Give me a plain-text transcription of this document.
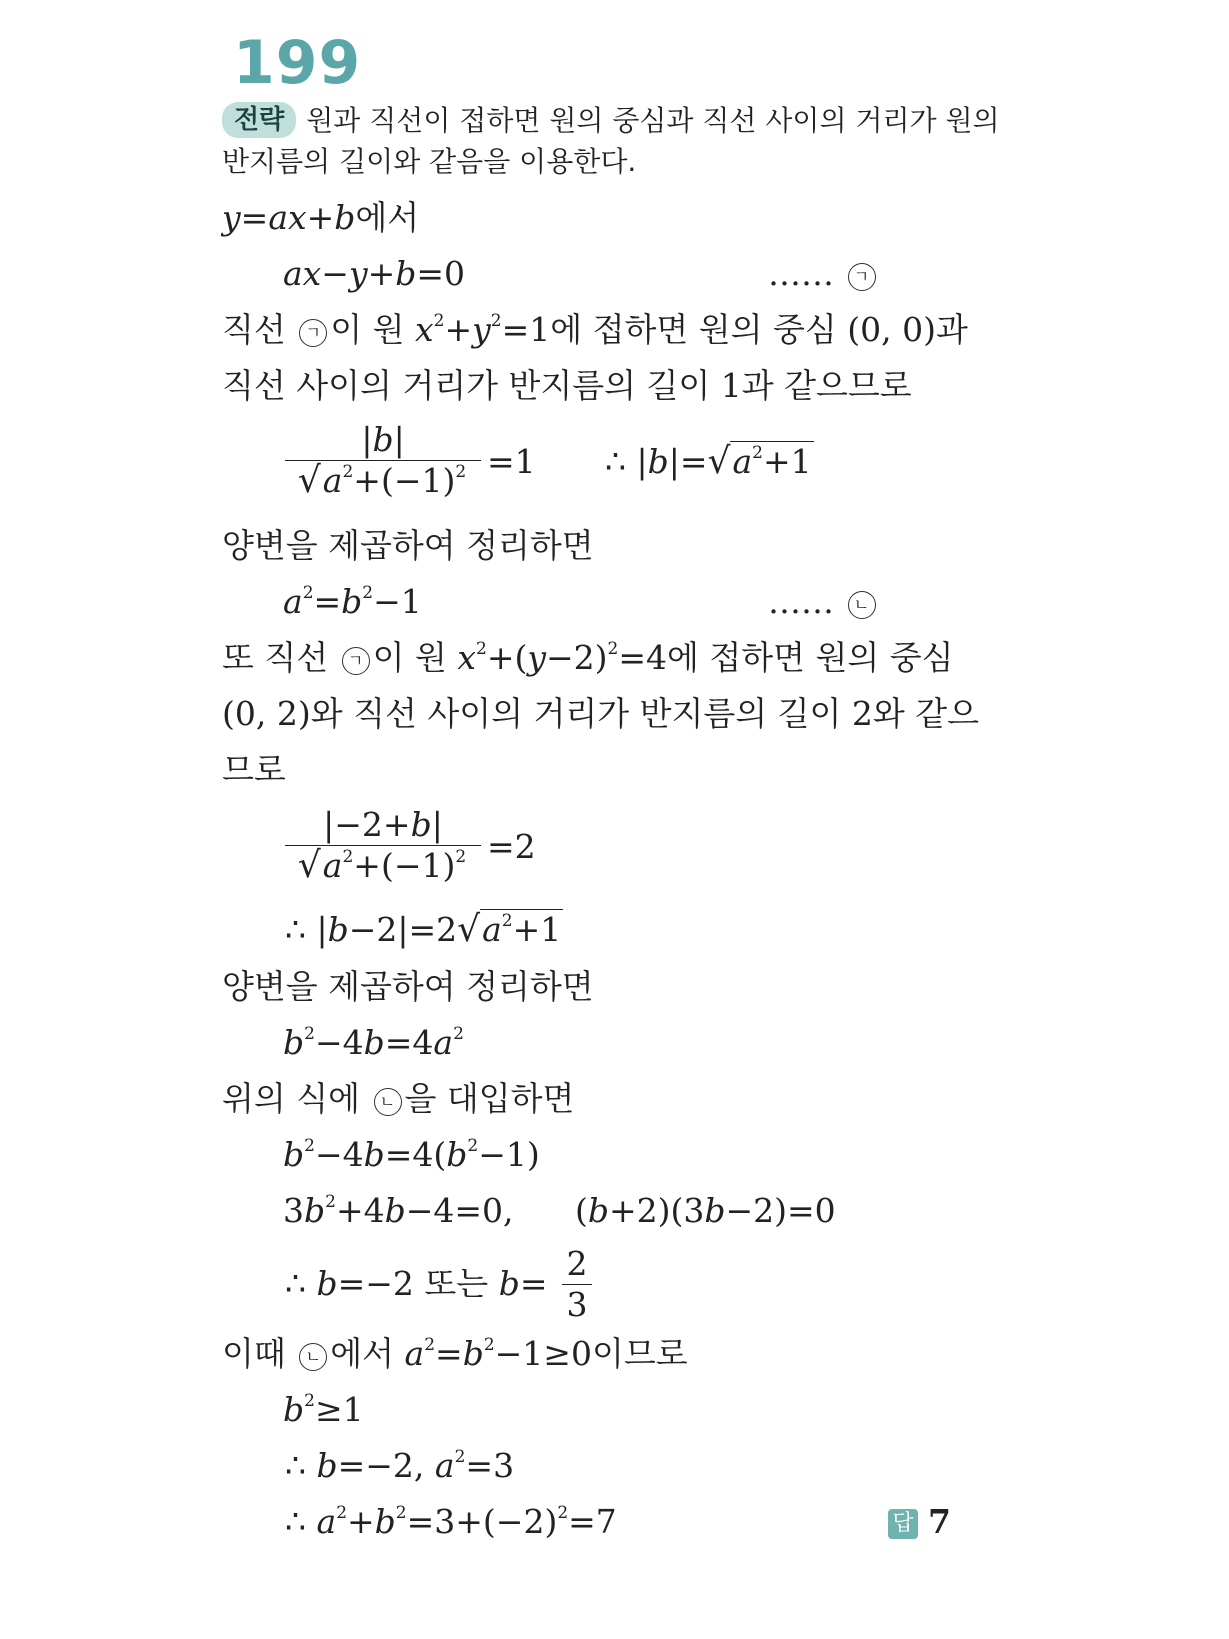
199
전략 원과 직선이 접하면 원의 중심과 직선 사이의 거리가 원의
반지름의 길이와 같음을 이용한다.
y=ax+b에서
ax−y+b=0	…… ㄱ
직선 ㄱ 이 원 $x^2+y^2=1$에 접하면 원의 중심 (0, 0)과
직선 사이의 거리가 반지름의 길이 1과 같으므로
|b|
$√a^2+(-1)^2 =1$ ∴ $|b|=√a^2+1$
양변을 제곱하여 정리하면
$a^2=b^2-1$	…… ㄴ
또 직선 ㄱ 이 원 $x^2+(y-2)^2=4$에 접하면 원의 중심
(0, 2)와 직선 사이의 거리가 반지름의 길이 2와 같으
므로
|−2+b|
$√a^2+(-1)^2 =2$
∴ $|b-2|=2√a^2+1$
양변을 제곱하여 정리하면
$b^2-4b=4a^2$
위의 식에 ㄴ 을 대입하면
$b^2-4b=4(b^2-1)$
$3b^2+4b-4=0$, (b+2)(3b−2)=0
∴ b=−2 또는 b=
2
3
이때 ㄴ 에서 $a^2=b^2-1\ge 0$이므로
$b^2\ge 1$
∴ b=−2, $a^2=3$
∴ $a^2+b^2=3+(-2)^2=7$	답 7
